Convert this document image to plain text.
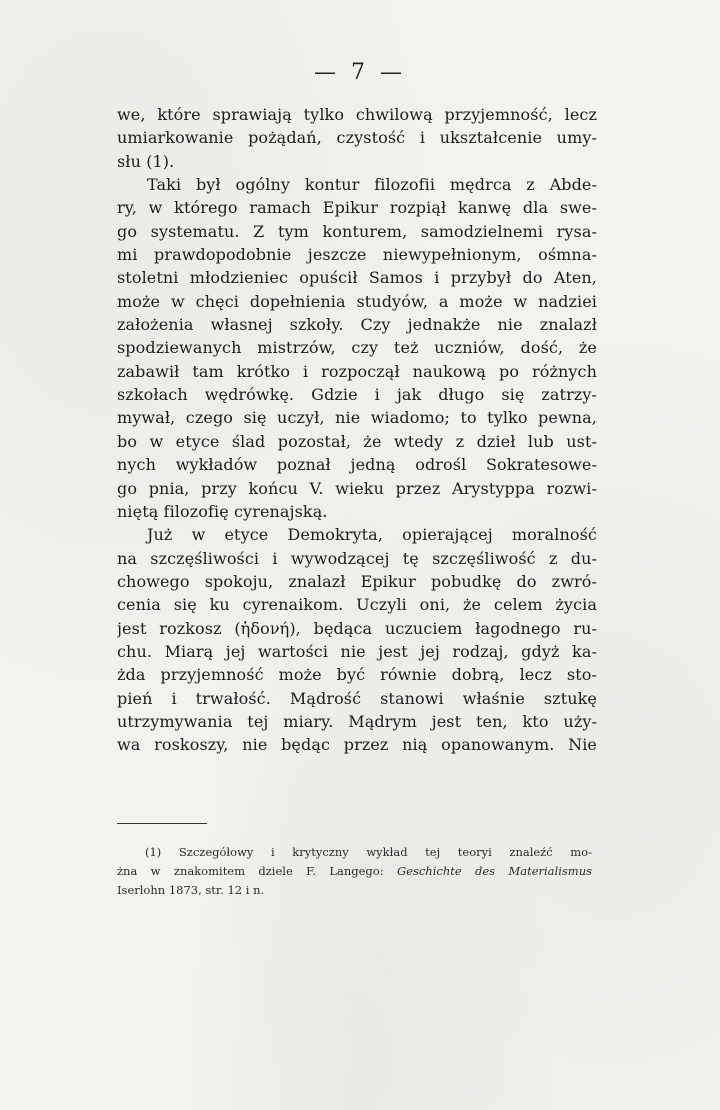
— 7 —
we, które sprawiają tylko chwilową przyjemność, lecz
umiarkowanie pożądań, czystość i ukształcenie umy-
słu (1).
Taki był ogólny kontur filozofii mędrca z Abde-
ry, w którego ramach Epikur rozpiął kanwę dla swe-
go systematu. Z tym konturem, samodzielnemi rysa-
mi prawdopodobnie jeszcze niewypełnionym, ośmna-
stoletni młodzieniec opuścił Samos i przybył do Aten,
może w chęci dopełnienia studyów, a może w nadziei
założenia własnej szkoły. Czy jednakże nie znalazł
spodziewanych mistrzów, czy też uczniów, dość, że
zabawił tam krótko i rozpoczął naukową po różnych
szkołach wędrówkę. Gdzie i jak długo się zatrzy-
mywał, czego się uczył, nie wiadomo; to tylko pewna,
bo w etyce ślad pozostał, że wtedy z dzieł lub ust-
nych wykładów poznał jedną odrośl Sokratesowe-
go pnia, przy końcu V. wieku przez Arystyppa rozwi-
niętą filozofię cyrenajską.
Już w etyce Demokryta, opierającej moralność
na szczęśliwości i wywodzącej tę szczęśliwość z du-
chowego spokoju, znalazł Epikur pobudkę do zwró-
cenia się ku cyrenaikom. Uczyli oni, że celem życia
jest rozkosz (ἡδονή), będąca uczuciem łagodnego ru-
chu. Miarą jej wartości nie jest jej rodzaj, gdyż ka-
żda przyjemność może być równie dobrą, lecz sto-
pień i trwałość. Mądrość stanowi właśnie sztukę
utrzymywania tej miary. Mądrym jest ten, kto uży-
wa roskoszy, nie będąc przez nią opanowanym. Nie
(1) Szczegółowy i krytyczny wykład tej teoryi znaleźć mo-
żna w znakomitem dziele F. Langego: Geschichte des Materialismus
Iserlohn 1873, str. 12 i n.
